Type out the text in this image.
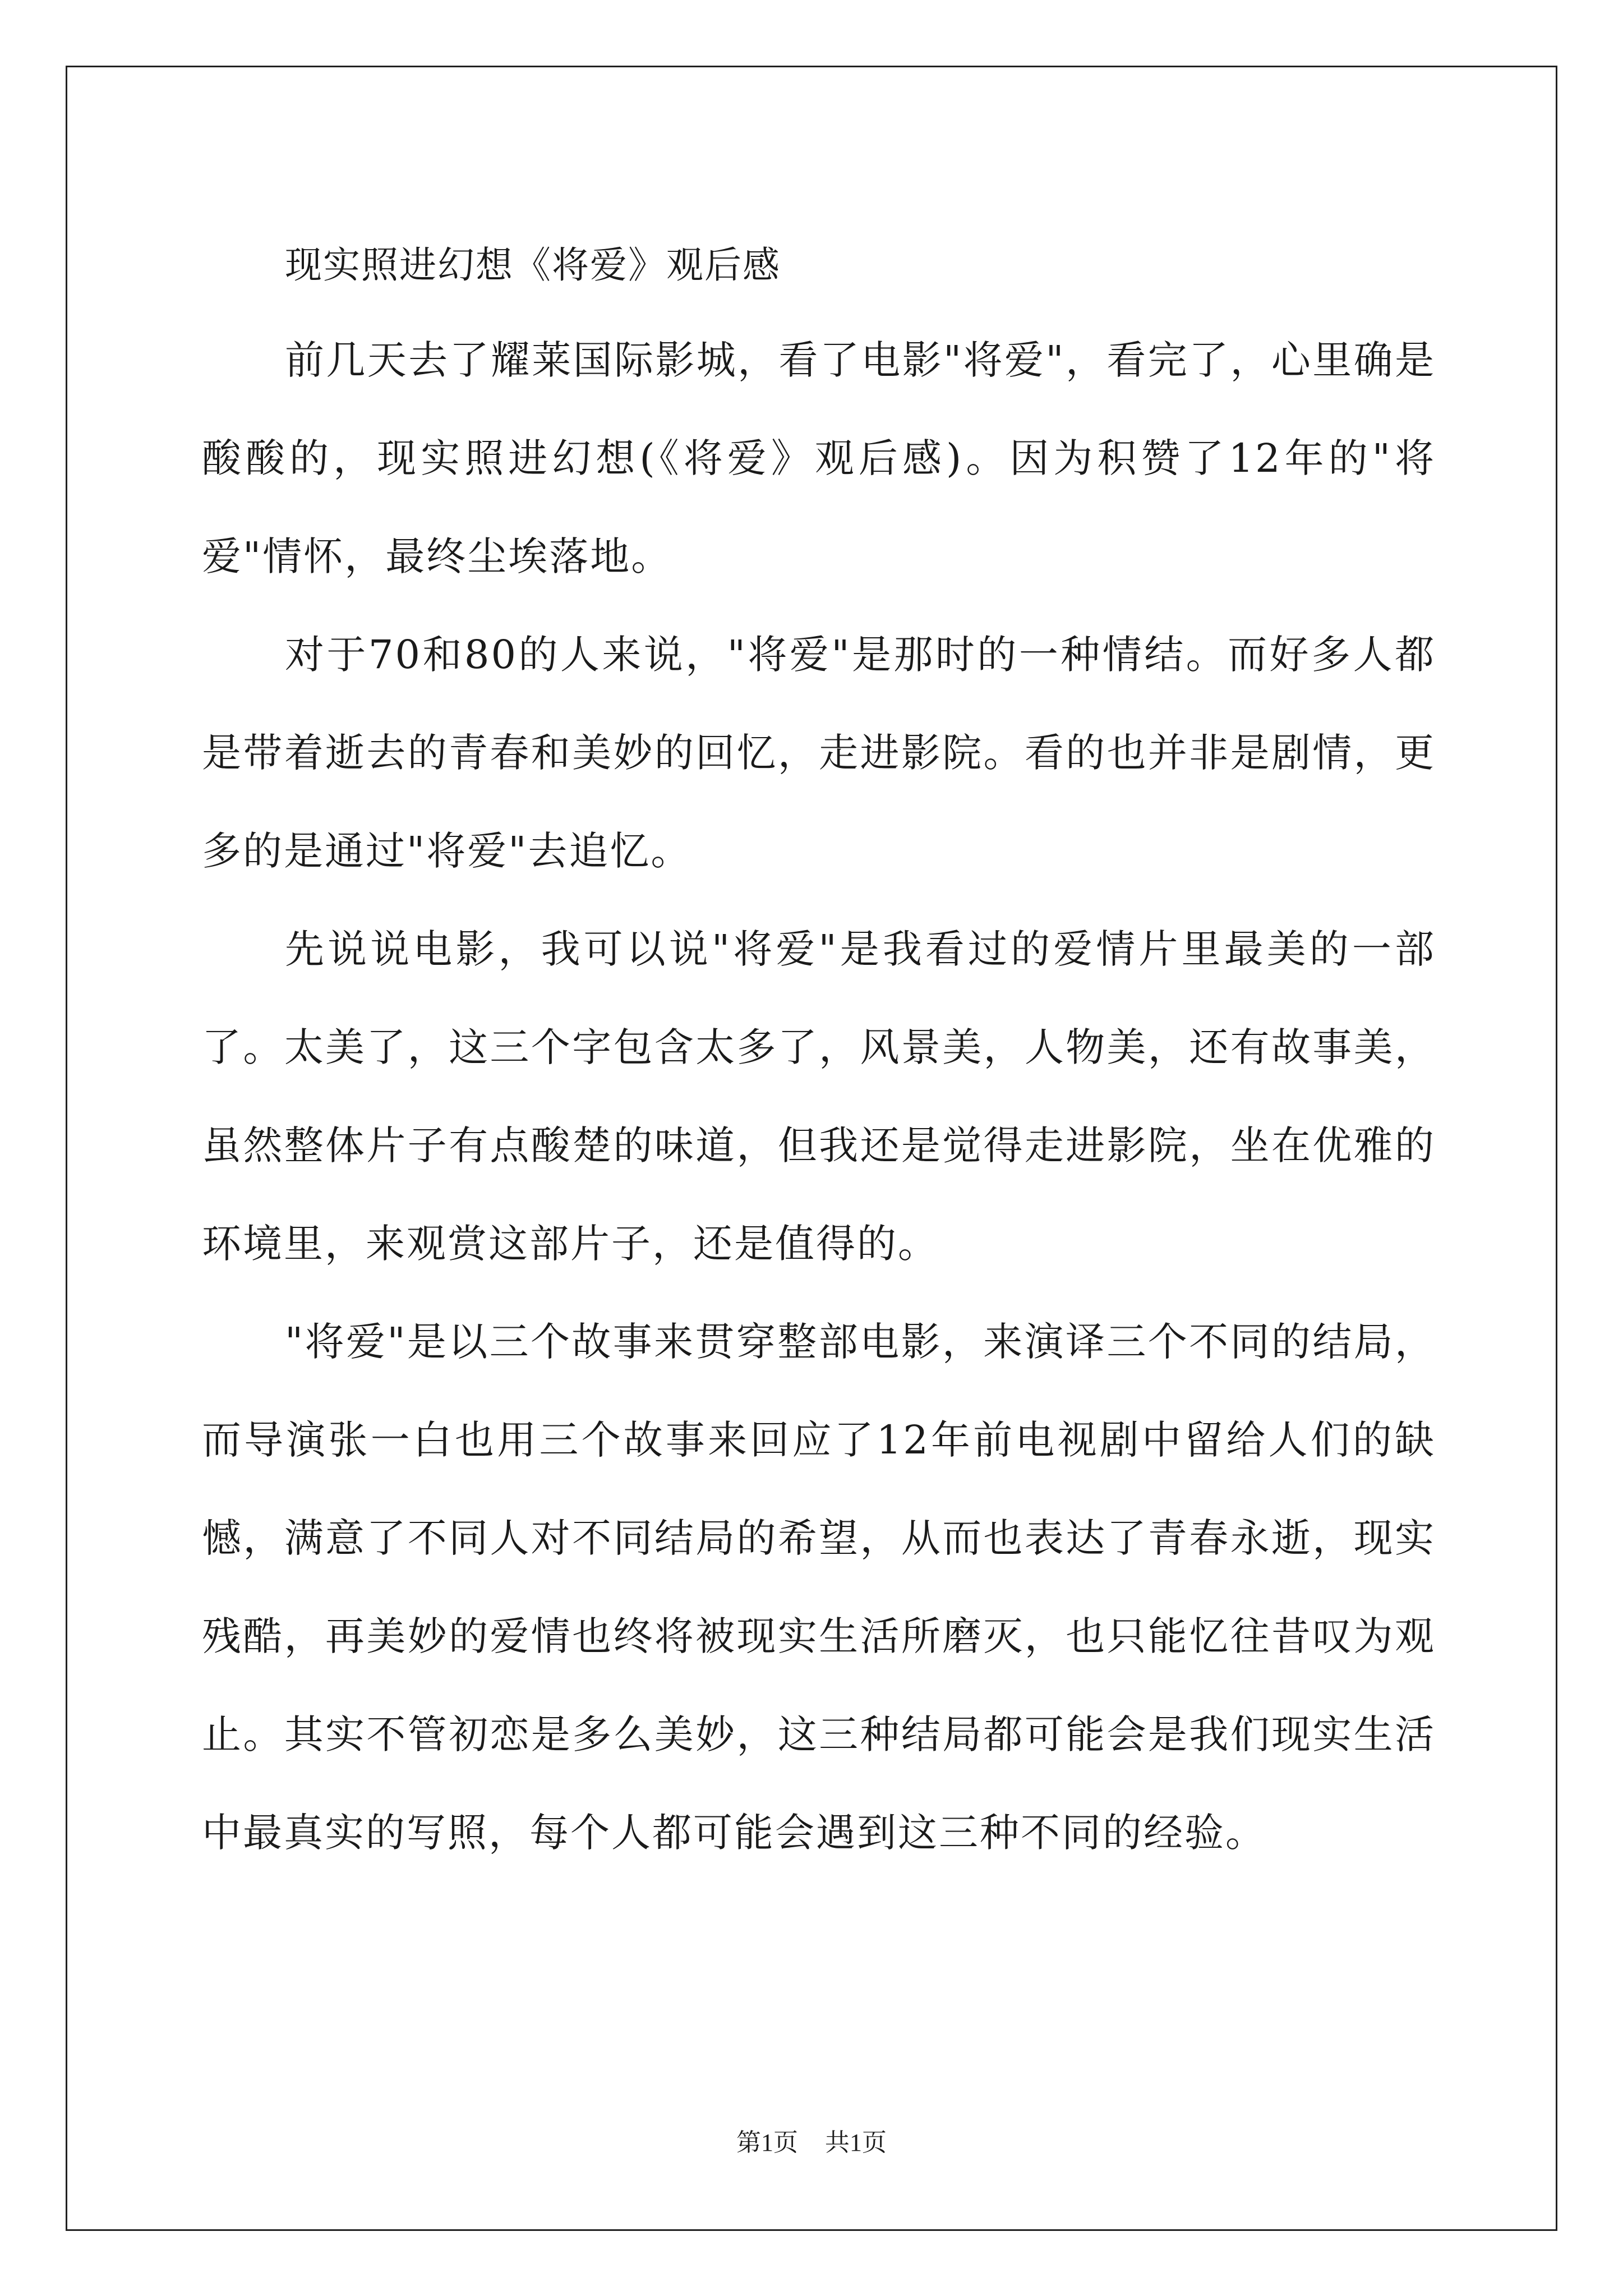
现实照进幻想《将爱》观后感

前几天去了耀莱国际影城，看了电影"将爱"，看完了，心里确是酸酸的，现实照进幻想(《将爱》观后感)。因为积赞了12年的"将爱"情怀，最终尘埃落地。

对于70和80的人来说，"将爱"是那时的一种情结。而好多人都是带着逝去的青春和美妙的回忆，走进影院。看的也并非是剧情，更多的是通过"将爱"去追忆。

先说说电影，我可以说"将爱"是我看过的爱情片里最美的一部了。太美了，这三个字包含太多了，风景美，人物美，还有故事美，虽然整体片子有点酸楚的味道，但我还是觉得走进影院，坐在优雅的环境里，来观赏这部片子，还是值得的。

"将爱"是以三个故事来贯穿整部电影，来演译三个不同的结局，而导演张一白也用三个故事来回应了12年前电视剧中留给人们的缺憾，满意了不同人对不同结局的希望，从而也表达了青春永逝，现实残酷，再美妙的爱情也终将被现实生活所磨灭，也只能忆往昔叹为观止。其实不管初恋是多么美妙，这三种结局都可能会是我们现实生活中最真实的写照，每个人都可能会遇到这三种不同的经验。

第1页 共1页
